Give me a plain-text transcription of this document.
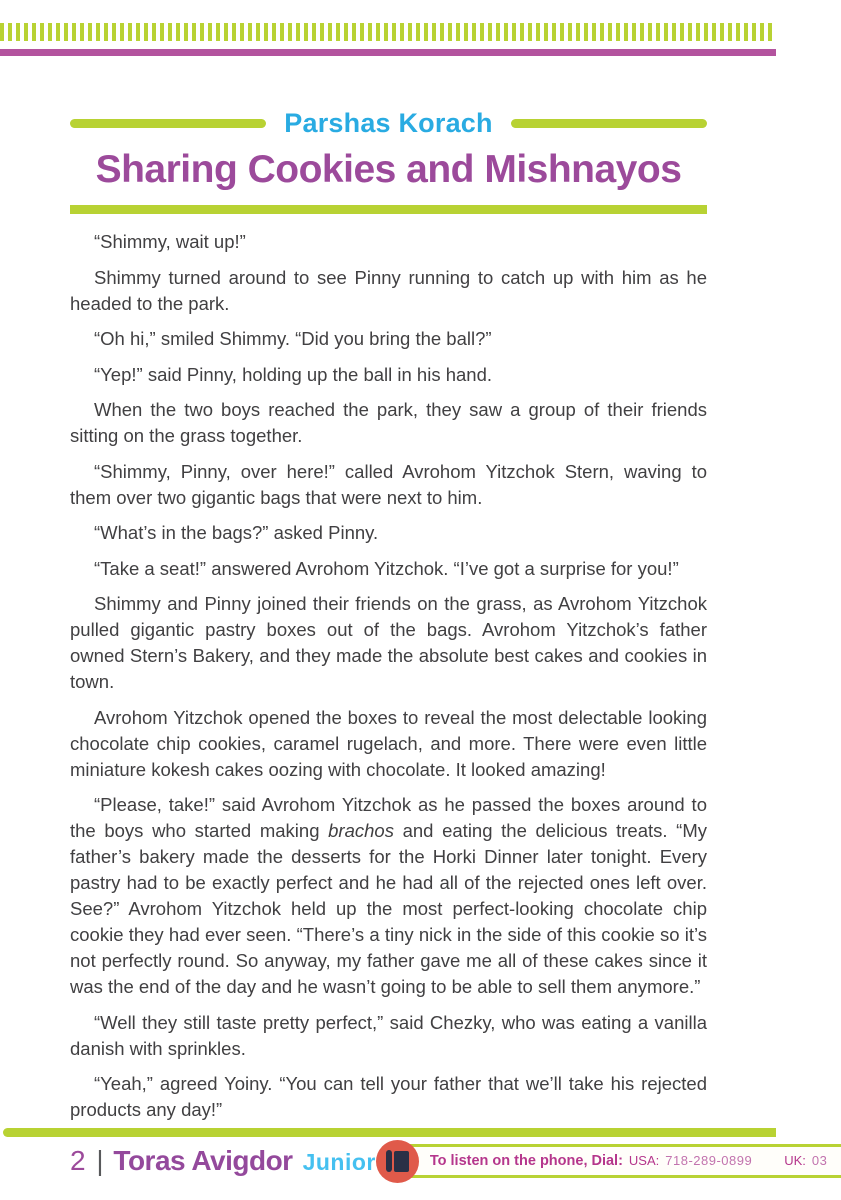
Parshas Korach
Sharing Cookies and Mishnayos

“Shimmy, wait up!”

Shimmy turned around to see Pinny running to catch up with him as he headed to the park.

“Oh hi,” smiled Shimmy. “Did you bring the ball?”

“Yep!” said Pinny, holding up the ball in his hand.

When the two boys reached the park, they saw a group of their friends sitting on the grass together.

“Shimmy, Pinny, over here!” called Avrohom Yitzchok Stern, waving to them over two gigantic bags that were next to him.

“What’s in the bags?” asked Pinny.

“Take a seat!” answered Avrohom Yitzchok. “I’ve got a surprise for you!”

Shimmy and Pinny joined their friends on the grass, as Avrohom Yitzchok pulled gigantic pastry boxes out of the bags. Avrohom Yitzchok’s father owned Stern’s Bakery, and they made the absolute best cakes and cookies in town.

Avrohom Yitzchok opened the boxes to reveal the most delectable looking chocolate chip cookies, caramel rugelach, and more. There were even little miniature kokesh cakes oozing with chocolate. It looked amazing!

“Please, take!” said Avrohom Yitzchok as he passed the boxes around to the boys who started making brachos and eating the delicious treats. “My father’s bakery made the desserts for the Horki Dinner later tonight. Every pastry had to be exactly perfect and he had all of the rejected ones left over. See?” Avrohom Yitzchok held up the most perfect-looking chocolate chip cookie they had ever seen. “There’s a tiny nick in the side of this cookie so it’s not perfectly round. So anyway, my father gave me all of these cakes since it was the end of the day and he wasn’t going to be able to sell them anymore.”

“Well they still taste pretty perfect,” said Chezky, who was eating a vanilla danish with sprinkles.

“Yeah,” agreed Yoiny. “You can tell your father that we’ll take his rejected products any day!”

2 | Toras Avigdor Junior	To listen on the phone, Dial: USA: 718-289-0899 UK: 03
